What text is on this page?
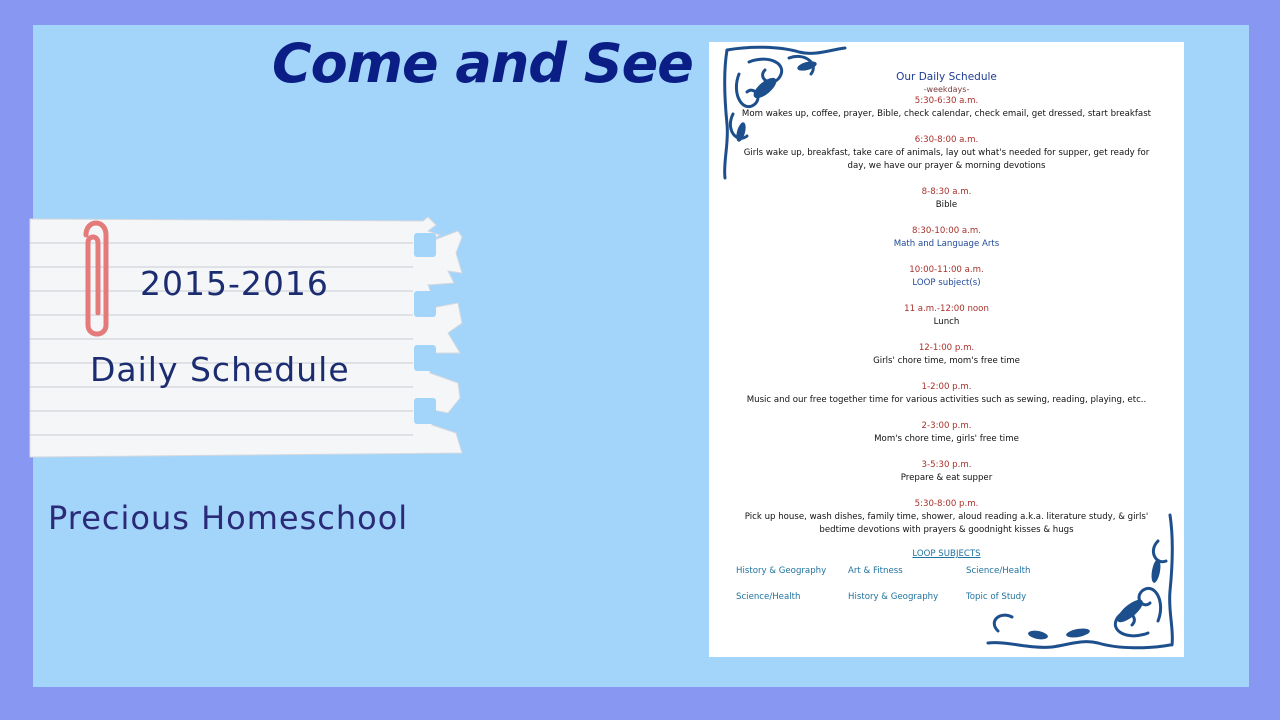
Come and See
2015-2016
Daily Schedule
Precious Homeschool
Our Daily Schedule
-weekdays-
5:30-6:30 a.m.
Mom wakes up, coffee, prayer, Bible, check calendar, check email, get dressed, start breakfast
6:30-8:00 a.m.
Girls wake up, breakfast, take care of animals, lay out what's needed for supper, get ready for day, we have our prayer & morning devotions
8-8:30 a.m.
Bible
8:30-10:00 a.m.
Math and Language Arts
10:00-11:00 a.m.
LOOP subject(s)
11 a.m.-12:00 noon
Lunch
12-1:00 p.m.
Girls' chore time, mom's free time
1-2:00 p.m.
Music and our free together time for various activities such as sewing, reading, playing, etc..
2-3:00 p.m.
Mom's chore time, girls' free time
3-5:30 p.m.
Prepare & eat supper
5:30-8:00 p.m.
Pick up house, wash dishes, family time, shower, aloud reading a.k.a. literature study, & girls' bedtime devotions with prayers & goodnight kisses & hugs
LOOP SUBJECTS
History & Geography	Art & Fitness	Science/Health
Science/Health	History & Geography	Topic of Study
